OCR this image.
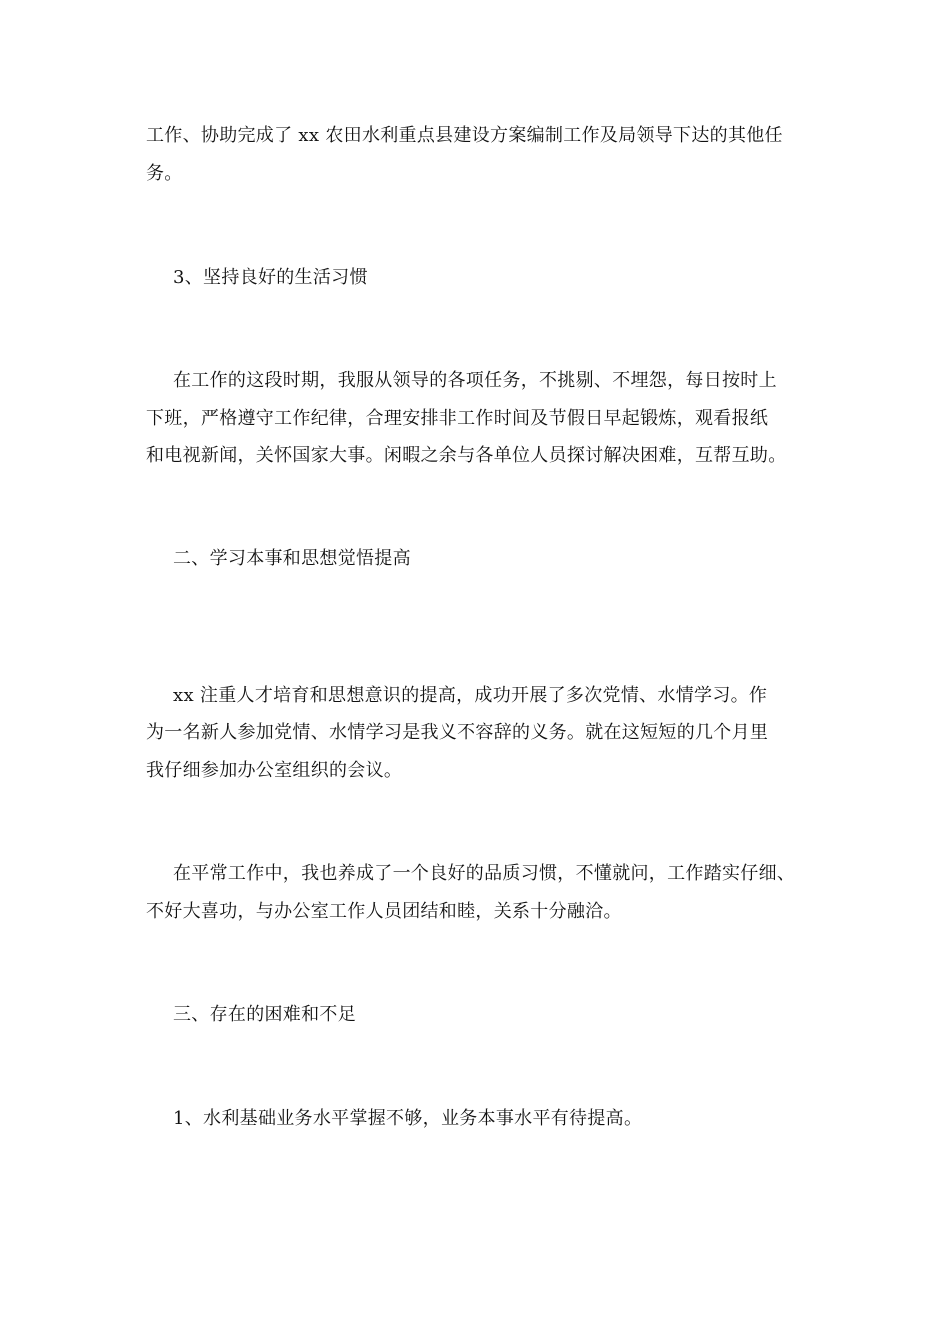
工作、协助完成了 xx 农田水利重点县建设方案编制工作及局领导下达的其他任
务。
3、坚持良好的生活习惯
在工作的这段时期，我服从领导的各项任务，不挑剔、不埋怨，每日按时上
下班，严格遵守工作纪律，合理安排非工作时间及节假日早起锻炼，观看报纸
和电视新闻，关怀国家大事。闲暇之余与各单位人员探讨解决困难，互帮互助。
二、学习本事和思想觉悟提高
xx 注重人才培育和思想意识的提高，成功开展了多次党情、水情学习。作
为一名新人参加党情、水情学习是我义不容辞的义务。就在这短短的几个月里
我仔细参加办公室组织的会议。
在平常工作中，我也养成了一个良好的品质习惯，不懂就问，工作踏实仔细、
不好大喜功，与办公室工作人员团结和睦，关系十分融洽。
三、存在的困难和不足
1、水利基础业务水平掌握不够，业务本事水平有待提高。
